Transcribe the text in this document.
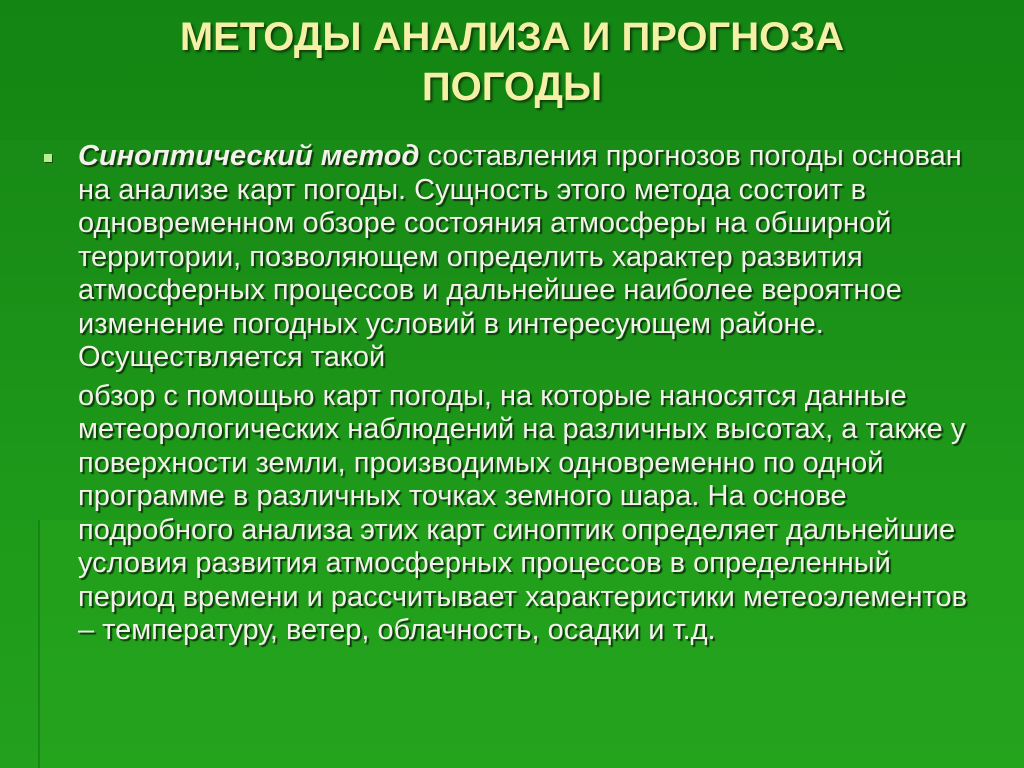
МЕТОДЫ АНАЛИЗА И ПРОГНОЗА
ПОГОДЫ

Синоптический метод составления прогнозов погоды основан на анализе карт погоды. Сущность этого метода состоит в одновременном обзоре состояния атмосферы на обширной территории, позволяющем определить характер развития атмосферных процессов и дальнейшее наиболее вероятное изменение погодных условий в интересующем районе. Осуществляется такой

обзор с помощью карт погоды, на которые наносятся данные метеорологических наблюдений на различных высотах, а также у поверхности земли, производимых одновременно по одной программе в различных точках земного шара. На основе подробного анализа этих карт синоптик определяет дальнейшие условия развития атмосферных процессов в определенный период времени и рассчитывает характеристики метеоэлементов – температуру, ветер, облачность, осадки и т.д.
